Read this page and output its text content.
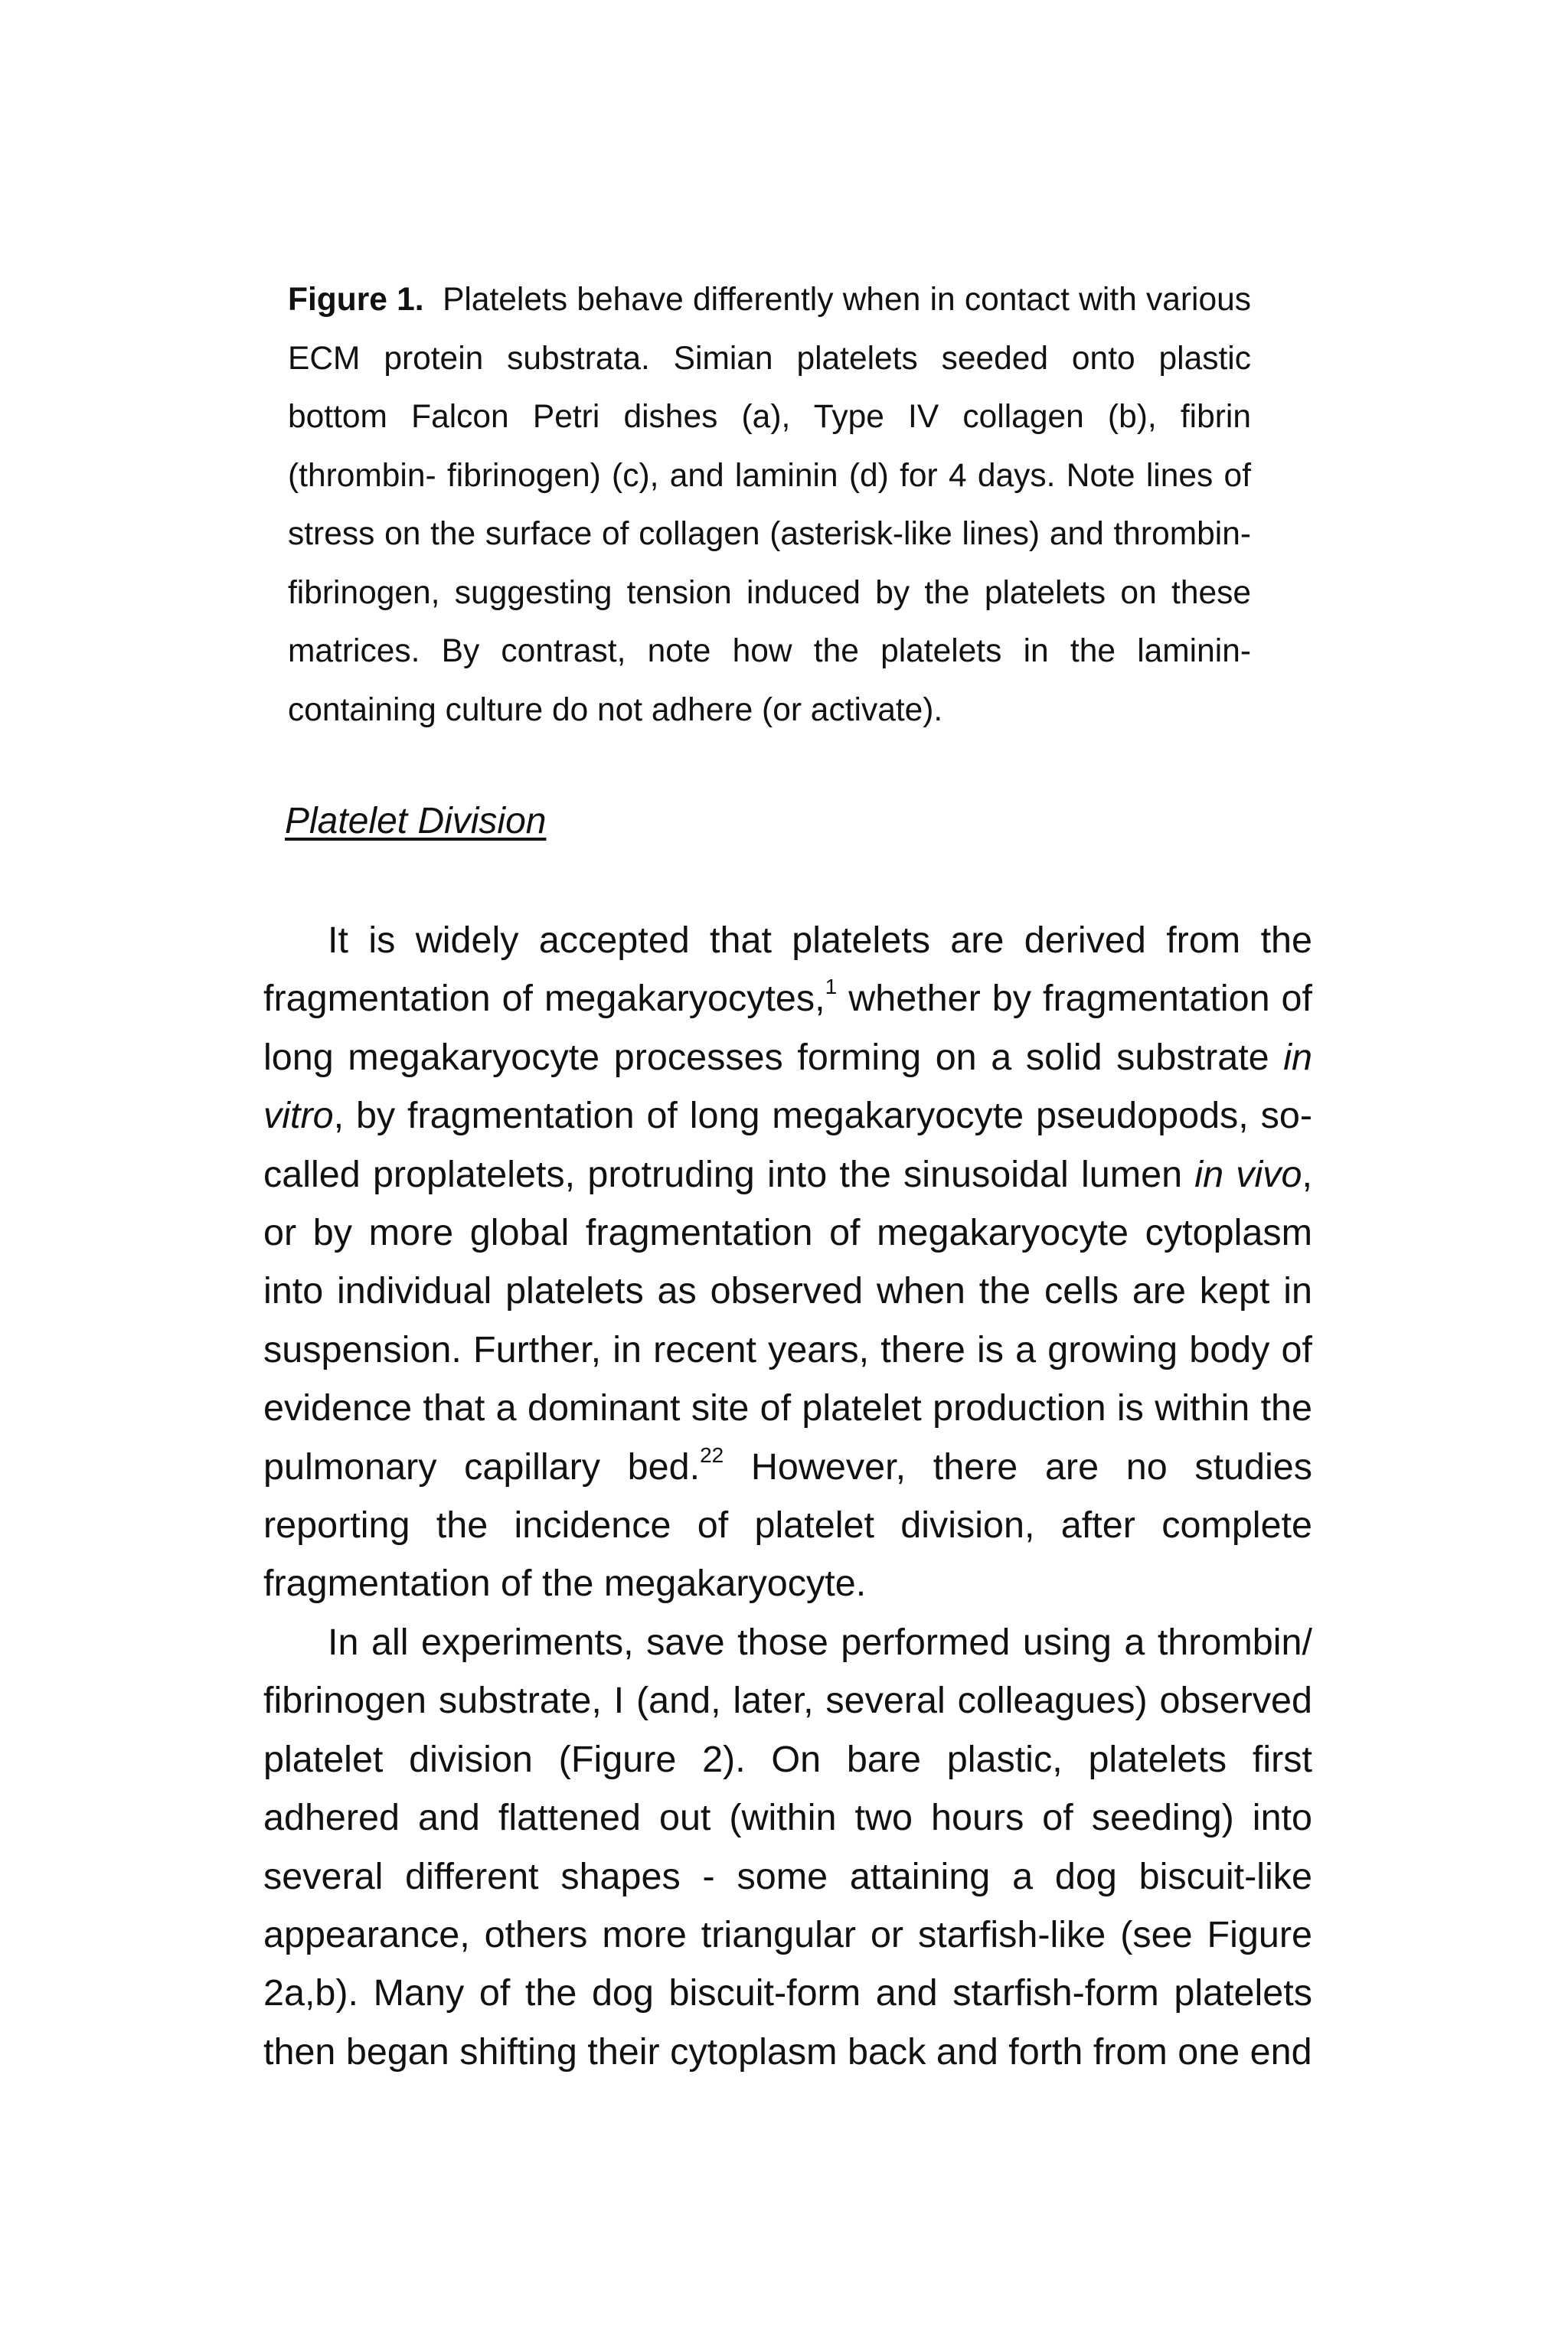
Figure 1. Platelets behave differently when in contact with various ECM protein substrata. Simian platelets seeded onto plastic bottom Falcon Petri dishes (a), Type IV collagen (b), fibrin (thrombin- fibrinogen) (c), and laminin (d) for 4 days. Note lines of stress on the surface of collagen (asterisk-like lines) and thrombin-fibrinogen, suggesting tension induced by the platelets on these matrices. By contrast, note how the platelets in the laminin-containing culture do not adhere (or activate).

Platelet Division

It is widely accepted that platelets are derived from the fragmentation of megakaryocytes,$^1$ whether by fragmentation of long megakaryocyte processes forming on a solid substrate in vitro, by fragmentation of long megakaryocyte pseudopods, so-called proplatelets, protruding into the sinusoidal lumen in vivo, or by more global fragmentation of megakaryocyte cytoplasm into individual platelets as observed when the cells are kept in suspension. Further, in recent years, there is a growing body of evidence that a dominant site of platelet production is within the pulmonary capillary bed.$^{22}$ However, there are no studies reporting the incidence of platelet division, after complete fragmentation of the megakaryocyte.

In all experiments, save those performed using a thrombin/ fibrinogen substrate, I (and, later, several colleagues) observed platelet division (Figure 2). On bare plastic, platelets first adhered and flattened out (within two hours of seeding) into several different shapes - some attaining a dog biscuit-like appearance, others more triangular or starfish-like (see Figure 2a,b). Many of the dog biscuit-form and starfish-form platelets then began shifting their cytoplasm back and forth from one end
